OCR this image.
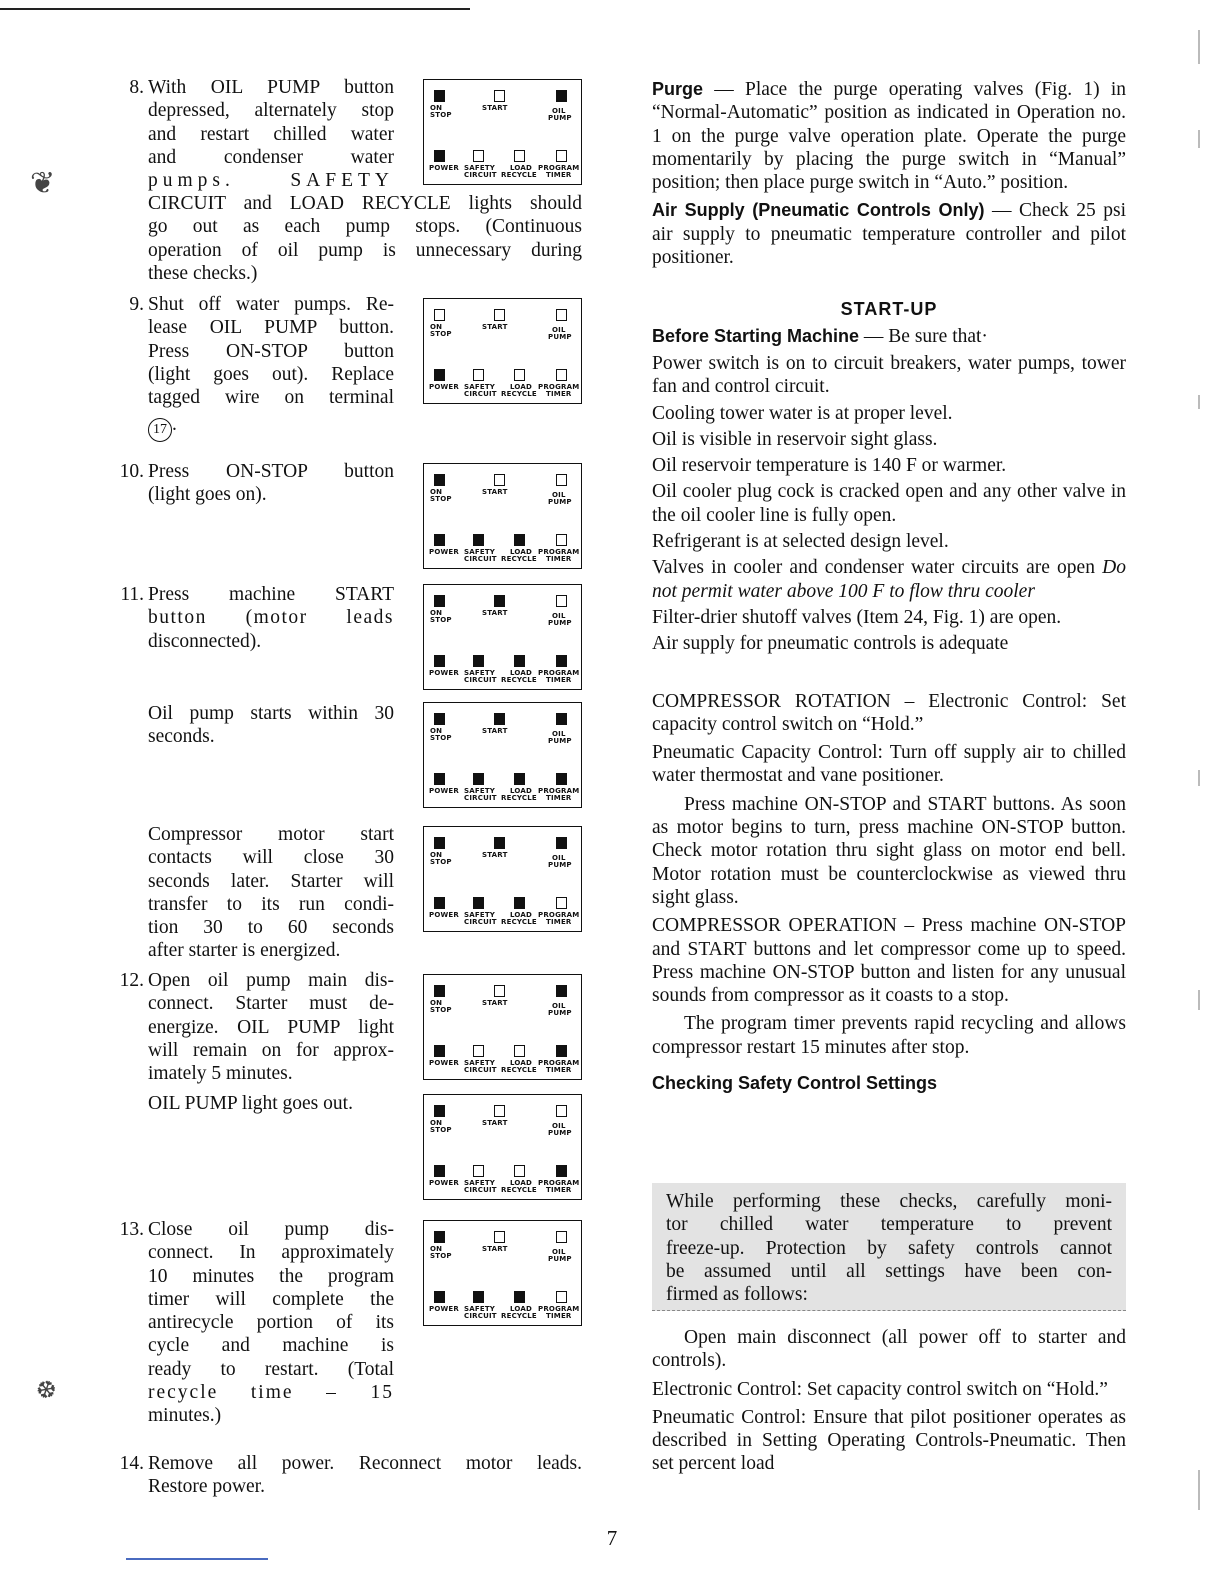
❦
❆
8. With OIL PUMP button
depressed, alternately stop
and restart chilled water
and condenser water
pumps. SAFETY
CIRCUIT and LOAD RECYCLE lights should
go out as each pump stops. (Continuous
operation of oil pump is unnecessary during
these checks.)
9. Shut off water pumps. Re-
lease OIL PUMP button.
Press ON-STOP button
(light goes out). Replace
tagged wire on terminal
17 .
10. Press ON-STOP button
(light goes on).
11. Press machine START
button (motor leads
disconnected).
Oil pump starts within 30
seconds.
Compressor motor start
contacts will close 30
seconds later. Starter will
transfer to its run condi-
tion 30 to 60 seconds
after starter is energized.
12. Open oil pump main dis-
connect. Starter must de-
energize. OIL PUMP light
will remain on for approx-
imately 5 minutes.
OIL PUMP light goes out.
13. Close oil pump dis-
connect. In approximately
10 minutes the program
timer will complete the
antirecycle portion of its
cycle and machine is
ready to restart. (Total
recycle time – 15
minutes.)
14. Remove all power. Reconnect motor leads.
Restore power.
ON
STOP
START	OIL
PUMP
POWER SAFETY
CIRCUIT
LOAD
RECYCLE
PROGRAM
TIMER
ON
STOP
START	OIL
PUMP
POWER SAFETY
CIRCUIT
LOAD
RECYCLE
PROGRAM
TIMER
ON
STOP
START	OIL
PUMP
POWER SAFETY
CIRCUIT
LOAD
RECYCLE
PROGRAM
TIMER
ON
STOP
START	OIL
PUMP
POWER SAFETY
CIRCUIT
LOAD
RECYCLE
PROGRAM
TIMER
ON
STOP
START	OIL
PUMP
POWER SAFETY
CIRCUIT
LOAD
RECYCLE
PROGRAM
TIMER
ON
STOP
START	OIL
PUMP
POWER SAFETY
CIRCUIT
LOAD
RECYCLE
PROGRAM
TIMER
ON
STOP
START	OIL
PUMP
POWER SAFETY
CIRCUIT
LOAD
RECYCLE
PROGRAM
TIMER
ON
STOP
START	OIL
PUMP
POWER SAFETY
CIRCUIT
LOAD
RECYCLE
PROGRAM
TIMER
ON
STOP
START	OIL
PUMP
POWER SAFETY
CIRCUIT
LOAD
RECYCLE
PROGRAM
TIMER

Purge — Place the purge operating valves (Fig. 1) in “Normal-Automatic” position as indicated in Operation no. 1 on the purge valve operation plate. Operate the purge momentarily by placing the purge switch in “Manual” position; then place purge switch in “Auto.” position.

Air Supply (Pneumatic Controls Only) — Check 25 psi air supply to pneumatic temperature controller and pilot positioner.

START-UP

Before Starting Machine — Be sure that·

Power switch is on to circuit breakers, water pumps, tower fan and control circuit.

Cooling tower water is at proper level.

Oil is visible in reservoir sight glass.

Oil reservoir temperature is 140 F or warmer.

Oil cooler plug cock is cracked open and any other valve in the oil cooler line is fully open.

Refrigerant is at selected design level.

Valves in cooler and condenser water circuits are open Do not permit water above 100 F to flow thru cooler

Filter-drier shutoff valves (Item 24, Fig. 1) are open.

Air supply for pneumatic controls is adequate

COMPRESSOR ROTATION – Electronic Control: Set capacity control switch on “Hold.”

Pneumatic Capacity Control: Turn off supply air to chilled water thermostat and vane positioner.

Press machine ON-STOP and START buttons. As soon as motor begins to turn, press machine ON-STOP button. Check motor rotation thru sight glass on motor end bell. Motor rotation must be counterclockwise as viewed thru sight glass.

COMPRESSOR OPERATION – Press machine ON-STOP and START buttons and let compressor come up to speed. Press machine ON-STOP button and listen for any unusual sounds from compressor as it coasts to a stop.

The program timer prevents rapid recycling and allows compressor restart 15 minutes after stop.

Checking Safety Control Settings

While performing these checks, carefully moni-
tor chilled water temperature to prevent
freeze-up. Protection by safety controls cannot
be assumed until all settings have been con-
firmed as follows:

Open main disconnect (all power off to starter and controls).

Electronic Control: Set capacity control switch on “Hold.”

Pneumatic Control: Ensure that pilot positioner operates as described in Setting Operating Controls-Pneumatic. Then set percent load

7
